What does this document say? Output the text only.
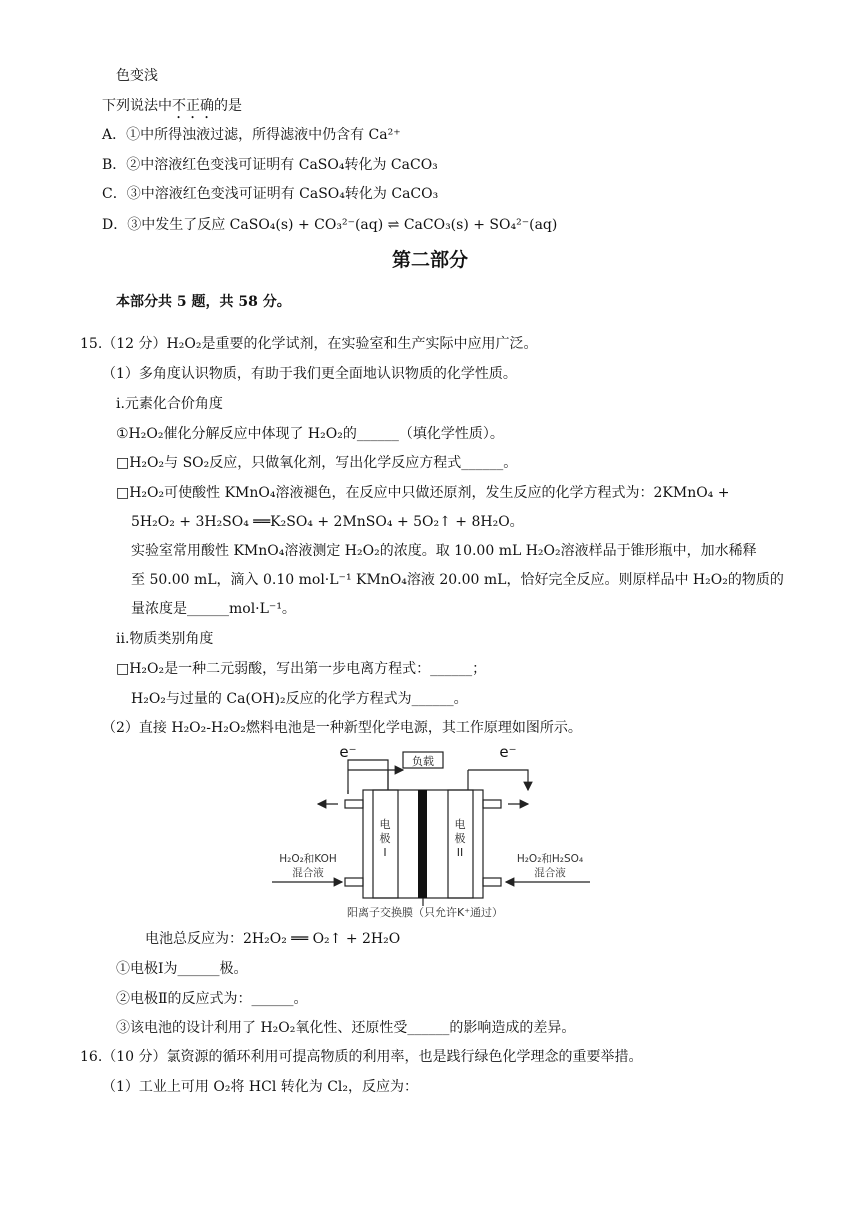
色变浅
下列说法中不正确的是
A．①中所得浊液过滤，所得滤液中仍含有 Ca²⁺
B．②中溶液红色变浅可证明有 CaSO₄转化为 CaCO₃
C．③中溶液红色变浅可证明有 CaSO₄转化为 CaCO₃
D．③中发生了反应 CaSO₄(s) + CO₃²⁻(aq) ⇌ CaCO₃(s) + SO₄²⁻(aq)
第二部分
本部分共 5 题，共 58 分。
15.（12 分）H₂O₂是重要的化学试剂，在实验室和生产实际中应用广泛。
（1）多角度认识物质，有助于我们更全面地认识物质的化学性质。
i.元素化合价角度
①H₂O₂催化分解反应中体现了 H₂O₂的______（填化学性质）。
□H₂O₂与 SO₂反应，只做氧化剂，写出化学反应方程式______。
□H₂O₂可使酸性 KMnO₄溶液褪色，在反应中只做还原剂，发生反应的化学方程式为：2KMnO₄ +
5H₂O₂ + 3H₂SO₄ ══K₂SO₄ + 2MnSO₄ + 5O₂↑ + 8H₂O。
实验室常用酸性 KMnO₄溶液测定 H₂O₂的浓度。取 10.00 mL H₂O₂溶液样品于锥形瓶中，加水稀释
至 50.00 mL，滴入 0.10 mol·L⁻¹ KMnO₄溶液 20.00 mL，恰好完全反应。则原样品中 H₂O₂的物质的
量浓度是______mol·L⁻¹。
ii.物质类别角度
□H₂O₂是一种二元弱酸，写出第一步电离方程式：______；
H₂O₂与过量的 Ca(OH)₂反应的化学方程式为______。
（2）直接 H₂O₂-H₂O₂燃料电池是一种新型化学电源，其工作原理如图所示。
负载
e⁻	e⁻
电
极
I
电
极
II
H₂O₂和KOH
混合液
H₂O₂和H₂SO₄
混合液
阳离子交换膜（只允许K⁺通过）
电池总反应为：2H₂O₂ ══ O₂↑ + 2H₂O
①电极Ⅰ为______极。
②电极Ⅱ的反应式为：______。
③该电池的设计利用了 H₂O₂氧化性、还原性受______的影响造成的差异。
16.（10 分）氯资源的循环利用可提高物质的利用率，也是践行绿色化学理念的重要举措。
（1）工业上可用 O₂将 HCl 转化为 Cl₂，反应为：
